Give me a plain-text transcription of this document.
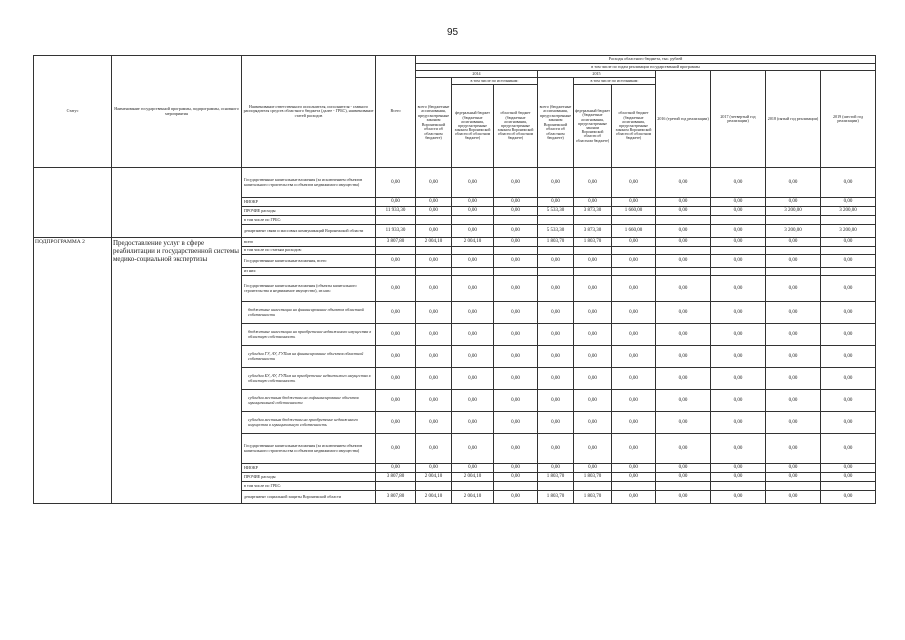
95
Статус	Наименование государственной программы, подпрограммы, основного мероприятия	Наименование ответственного исполнителя, исполнителя - главного распорядителя средств областного бюджета (далее - ГРБС), наименование статей расходов	Всего	Расходы областного бюджета, тыс. рублей									
				в том числе по годам реализации государственной программы									
				2014			2015			2016 (третий год реализации)	2017 (четвертый год реализации)	2018 (пятый год реализации)	2019 (шестой год реализации)
				всего (бюджетные ассигнования, предусмотренные законом Воронежской области об областном бюджете)	в том числе по источникам:		всего (бюджетные ассигнования, предусмотренные законом Воронежской области об областном бюджете)	в том числе по источникам:					
					федеральный бюджет (бюджетные ассигнования, предусмотренные законом Воронежской области об областном бюджете)	областной бюджет (бюджетные ассигнования, предусмотренные законом Воронежской области об областном бюджете)		федеральный бюджет (бюджетные ассигнования, предусмотренные законом Воронежской области об областном бюджете)	областной бюджет (бюджетные ассигнования, предусмотренные законом Воронежской области об областном бюджете)				
		Государственные капитальные вложения (за исключением объектов капитального строительства и объектов недвижимого имущества)	0,00	0,00	0,00	0,00	0,00	0,00	0,00	0,00	0,00	0,00	0,00
		НИОКР	0,00	0,00	0,00	0,00	0,00	0,00	0,00	0,00	0,00	0,00	0,00
		ПРОЧИЕ расходы	11 933,30	0,00	0,00	0,00	5 533,30	3 873,30	1 660,00	0,00	0,00	3 200,00	3 200,00
		в том числе по ГРБС:											
		департамент связи и массовых коммуникаций Воронежской области	11 933,30	0,00	0,00	0,00	5 533,30	3 873,30	1 660,00	0,00	0,00	3 200,00	3 200,00
ПОДПРОГРАММА 2	Предоставление услуг в сфере реабилитации и государственной системы медико-социальной экспертизы	всего	3 807,80	2 004,10	2 004,10	0,00	1 803,70	1 803,70	0,00	0,00	0,00	0,00	0,00
		в том числе по статьям расходов:											
		Государственные капитальные вложения, всего	0,00	0,00	0,00	0,00	0,00	0,00	0,00	0,00	0,00	0,00	0,00
		из них:											
		Государственные капитальные вложения (объекты капитального строительства и недвижимое имущество), из них:	0,00	0,00	0,00	0,00	0,00	0,00	0,00	0,00	0,00	0,00	0,00
		бюджетные инвестиции на финансирование объектов областной собственности	0,00	0,00	0,00	0,00	0,00	0,00	0,00	0,00	0,00	0,00	0,00
		бюджетные инвестиции на приобретение недвижимого имущества в областную собственность	0,00	0,00	0,00	0,00	0,00	0,00	0,00	0,00	0,00	0,00	0,00
		субсидии ГУ, АУ, ГУПам на финансирование объектов областной собственности	0,00	0,00	0,00	0,00	0,00	0,00	0,00	0,00	0,00	0,00	0,00
		субсидии БУ, АУ, ГУПам на приобретение недвижимого имущества в областную собственность	0,00	0,00	0,00	0,00	0,00	0,00	0,00	0,00	0,00	0,00	0,00
		субсидии местным бюджетам на софинансирование объектов муниципальной собственности	0,00	0,00	0,00	0,00	0,00	0,00	0,00	0,00	0,00	0,00	0,00
		субсидии местным бюджетам на приобретение недвижимого имущества в муниципальную собственность	0,00	0,00	0,00	0,00	0,00	0,00	0,00	0,00	0,00	0,00	0,00
		Государственные капитальные вложения (за исключением объектов капитального строительства и объектов недвижимого имущества)	0,00	0,00	0,00	0,00	0,00	0,00	0,00	0,00	0,00	0,00	0,00
		НИОКР	0,00	0,00	0,00	0,00	0,00	0,00	0,00	0,00	0,00	0,00	0,00
		ПРОЧИЕ расходы	3 807,80	2 004,10	2 004,10	0,00	1 803,70	1 803,70	0,00	0,00	0,00	0,00	0,00
		в том числе по ГРБС:											
		департамент социальной защиты Воронежской области	3 807,80	2 004,10	2 004,10	0,00	1 803,70	1 803,70	0,00	0,00	0,00	0,00	0,00
